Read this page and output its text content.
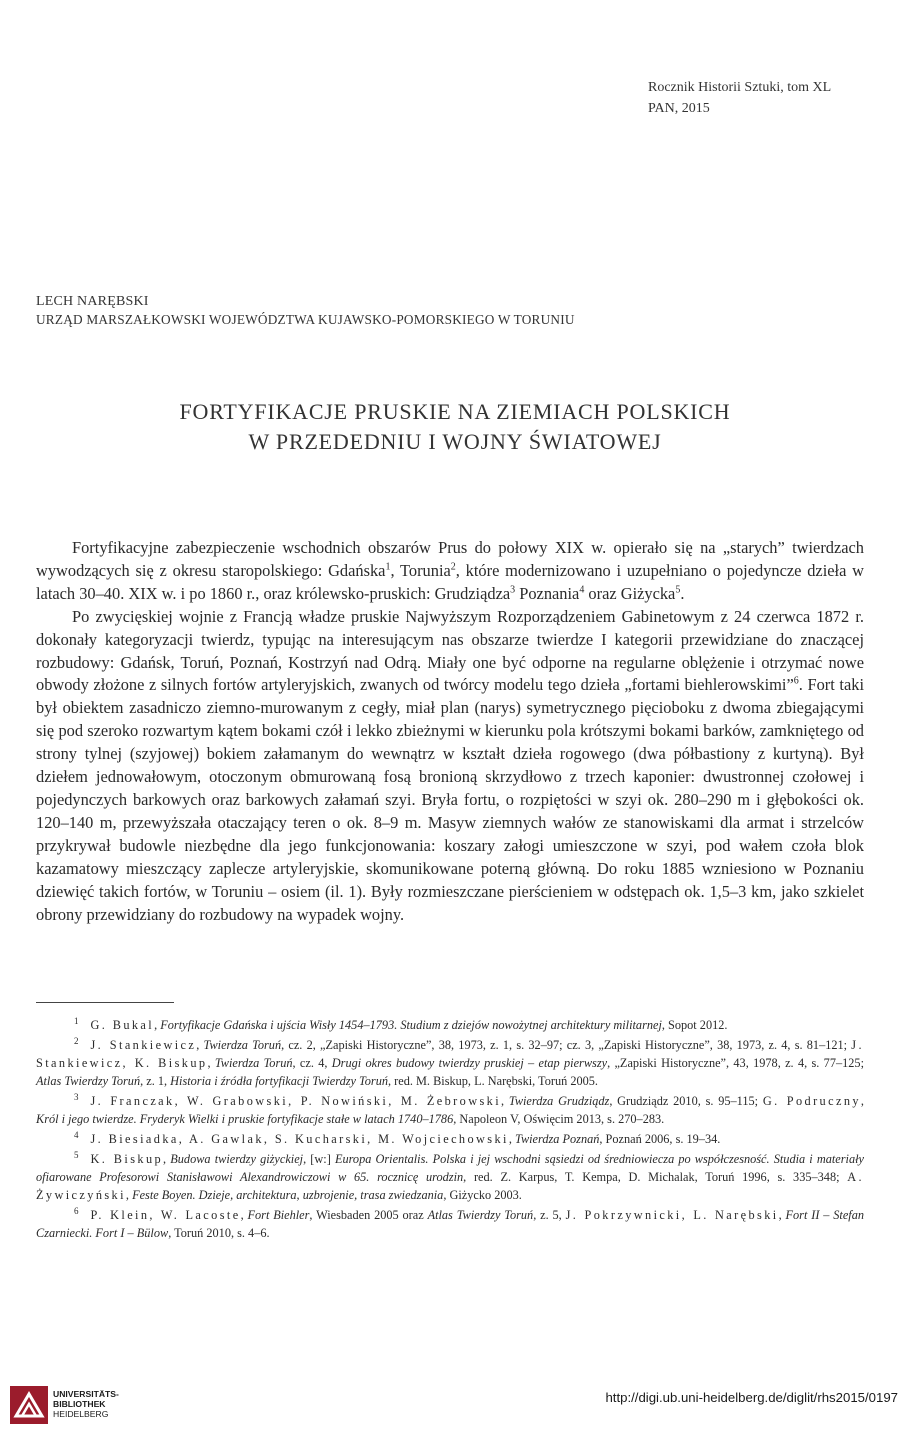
Rocznik Historii Sztuki, tom XL
PAN, 2015
LECH NARĘBSKI
URZĄD MARSZAŁKOWSKI WOJEWÓDZTWA KUJAWSKO-POMORSKIEGO W TORUNIU
FORTYFIKACJE PRUSKIE NA ZIEMIACH POLSKICH
W PRZEDEDNIU I WOJNY ŚWIATOWEJ

Fortyfikacyjne zabezpieczenie wschodnich obszarów Prus do połowy XIX w. opierało się na „starych” twierdzach wywodzących się z okresu staropolskiego: Gdańska$^1$, Torunia$^2$, które modernizowano i uzupełniano o pojedyncze dzieła w latach 30–40. XIX w. i po 1860 r., oraz królewsko-pruskich: Grudziądza$^3$ Poznania$^4$ oraz Giżycka$^5$.

Po zwycięskiej wojnie z Francją władze pruskie Najwyższym Rozporządzeniem Gabinetowym z 24 czerwca 1872 r. dokonały kategoryzacji twierdz, typując na interesującym nas obszarze twierdze I kategorii przewidziane do znaczącej rozbudowy: Gdańsk, Toruń, Poznań, Kostrzyń nad Odrą. Miały one być odporne na regularne oblężenie i otrzymać nowe obwody złożone z silnych fortów artyleryjskich, zwanych od twórcy modelu tego dzieła „fortami biehlerowskimi”$^6$. Fort taki był obiektem zasadniczo ziemno-murowanym z cegły, miał plan (narys) symetrycznego pięcioboku z dwoma zbiegającymi się pod szeroko rozwartym kątem bokami czół i lekko zbieżnymi w kierunku pola krótszymi bokami barków, zamkniętego od strony tylnej (szyjowej) bokiem załamanym do wewnątrz w kształt dzieła rogowego (dwa półbastiony z kurtyną). Był dziełem jednowałowym, otoczonym obmurowaną fosą bronioną skrzydłowo z trzech kaponier: dwustronnej czołowej i pojedynczych barkowych oraz barkowych załamań szyi. Bryła fortu, o rozpiętości w szyi ok. 280–290 m i głębokości ok. 120–140 m, przewyższała otaczający teren o ok. 8–9 m. Masyw ziemnych wałów ze stanowiskami dla armat i strzelców przykrywał budowle niezbędne dla jego funkcjonowania: koszary załogi umieszczone w szyi, pod wałem czoła blok kazamatowy mieszczący zaplecze artyleryjskie, skomunikowane poterną główną. Do roku 1885 wzniesiono w Poznaniu dziewięć takich fortów, w Toruniu – osiem (il. 1). Były rozmieszczane pierścieniem w odstępach ok. 1,5–3 km, jako szkielet obrony przewidziany do rozbudowy na wypadek wojny.

$^1$ G. Bukal, Fortyfikacje Gdańska i ujścia Wisły 1454–1793. Studium z dziejów nowożytnej architektury militarnej, Sopot 2012.

$^2$ J. Stankiewicz, Twierdza Toruń, cz. 2, „Zapiski Historyczne”, 38, 1973, z. 1, s. 32–97; cz. 3, „Zapiski Historyczne”, 38, 1973, z. 4, s. 81–121; J. Stankiewicz, K. Biskup, Twierdza Toruń, cz. 4, Drugi okres budowy twierdzy pruskiej – etap pierwszy, „Zapiski Historyczne”, 43, 1978, z. 4, s. 77–125; Atlas Twierdzy Toruń, z. 1, Historia i źródła fortyfikacji Twierdzy Toruń, red. M. Biskup, L. Narębski, Toruń 2005.

$^3$ J. Franczak, W. Grabowski, P. Nowiński, M. Żebrowski, Twierdza Grudziądz, Grudziądz 2010, s. 95–115; G. Podruczny, Król i jego twierdze. Fryderyk Wielki i pruskie fortyfikacje stałe w latach 1740–1786, Napoleon V, Oświęcim 2013, s. 270–283.

$^4$ J. Biesiadka, A. Gawlak, S. Kucharski, M. Wojciechowski, Twierdza Poznań, Poznań 2006, s. 19–34.

$^5$ K. Biskup, Budowa twierdzy giżyckiej, [w:] Europa Orientalis. Polska i jej wschodni sąsiedzi od średniowiecza po współczesność. Studia i materiały ofiarowane Profesorowi Stanisławowi Alexandrowiczowi w 65. rocznicę urodzin, red. Z. Karpus, T. Kempa, D. Michalak, Toruń 1996, s. 335–348; A. Żywiczyński, Feste Boyen. Dzieje, architektura, uzbrojenie, trasa zwiedzania, Giżycko 2003.

$^6$ P. Klein, W. Lacoste, Fort Biehler, Wiesbaden 2005 oraz Atlas Twierdzy Toruń, z. 5, J. Pokrzywnicki, L. Narębski, Fort II – Stefan Czarniecki. Fort I – Bülow, Toruń 2010, s. 4–6.

UNIVERSITÄTS-
BIBLIOTHEK
HEIDELBERG
http://digi.ub.uni-heidelberg.de/diglit/rhs2015/0197
